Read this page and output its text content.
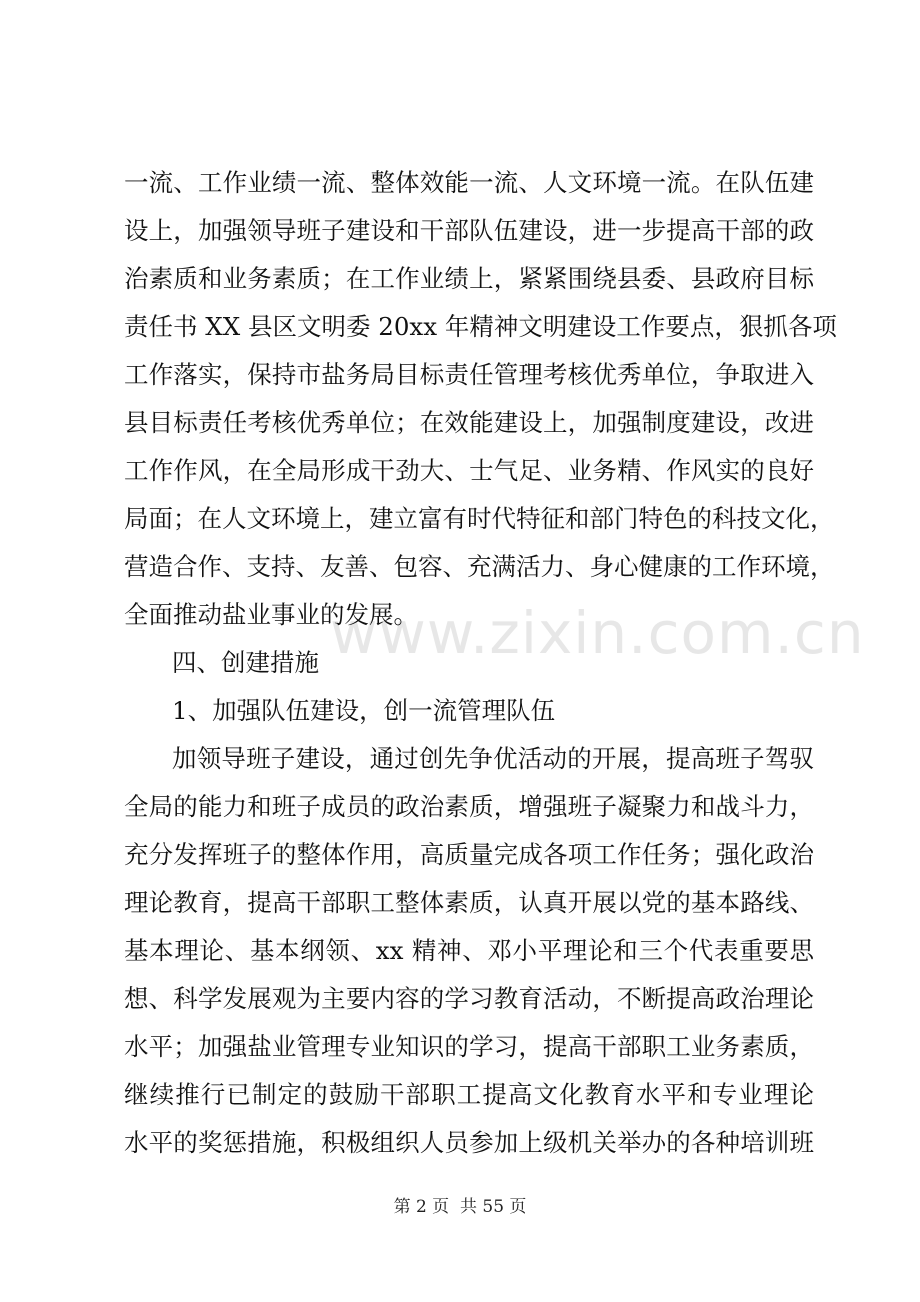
www.zixin.com.cn
一流、工作业绩一流、整体效能一流、人文环境一流。在队伍建
设上，加强领导班子建设和干部队伍建设，进一步提高干部的政
治素质和业务素质；在工作业绩上，紧紧围绕县委、县政府目标
责任书 XX 县区文明委 20xx 年精神文明建设工作要点，狠抓各项
工作落实，保持市盐务局目标责任管理考核优秀单位，争取进入
县目标责任考核优秀单位；在效能建设上，加强制度建设，改进
工作作风，在全局形成干劲大、士气足、业务精、作风实的良好
局面；在人文环境上，建立富有时代特征和部门特色的科技文化，
营造合作、支持、友善、包容、充满活力、身心健康的工作环境，
全面推动盐业事业的发展。
四、创建措施
1、加强队伍建设，创一流管理队伍
加领导班子建设，通过创先争优活动的开展，提高班子驾驭
全局的能力和班子成员的政治素质，增强班子凝聚力和战斗力，
充分发挥班子的整体作用，高质量完成各项工作任务；强化政治
理论教育，提高干部职工整体素质，认真开展以党的基本路线、
基本理论、基本纲领、xx 精神、邓小平理论和三个代表重要思
想、科学发展观为主要内容的学习教育活动，不断提高政治理论
水平；加强盐业管理专业知识的学习，提高干部职工业务素质，
继续推行已制定的鼓励干部职工提高文化教育水平和专业理论
水平的奖惩措施，积极组织人员参加上级机关举办的各种培训班
第 2 页  共 55 页
